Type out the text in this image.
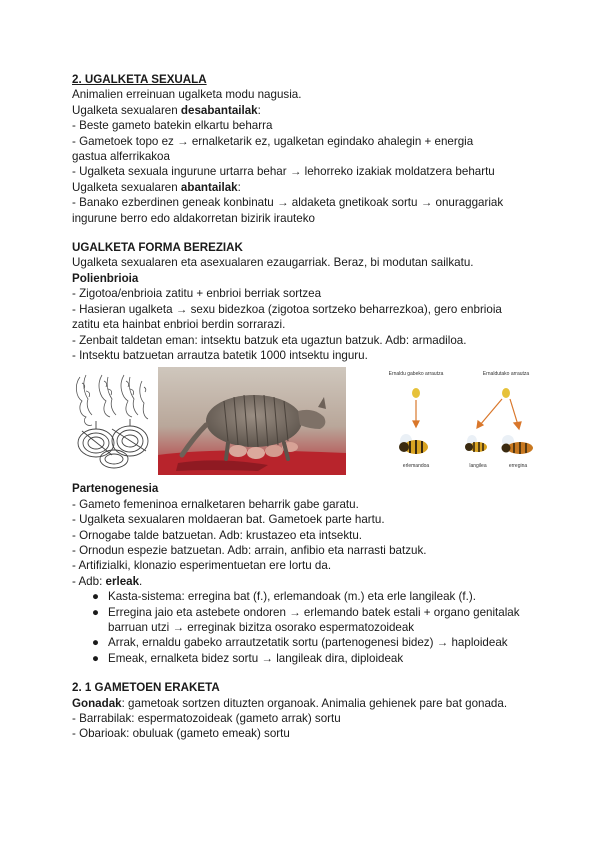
2. UGALKETA SEXUALA

Animalien erreinuan ugalketa modu nagusia.

Ugalketa sexualaren desabantailak:

- Beste gameto batekin elkartu beharra

- Gametoek topo ez → ernalketarik ez, ugalketan egindako ahalegin + energia

gastua alferrikakoa

- Ugalketa sexuala ingurune urtarra behar → lehorreko izakiak moldatzera behartu

Ugalketa sexualaren abantailak:

- Banako ezberdinen geneak konbinatu → aldaketa gnetikoak sortu → onuraggariak

ingurune berro edo aldakorretan bizirik irauteko

UGALKETA FORMA BEREZIAK

Ugalketa sexualaren eta asexualaren ezaugarriak. Beraz, bi modutan sailkatu.

Polienbrioia

- Zigotoa/enbrioia zatitu + enbrioi berriak sortzea

- Hasieran ugalketa → sexu bidezkoa (zigotoa sortzeko beharrezkoa), gero enbrioia

zatitu eta hainbat enbrioi berdin sorrarazi.

- Zenbait taldetan eman: intsektu batzuk eta ugaztun batzuk. Adb: armadiloa.

- Intsektu batzuetan arrautza batetik 1000 intsektu inguru.

Ernaldu gabeko arrautza	Ernaldutako arrautza
erlemandoa	langilea	erregina

Partenogenesia

- Gameto femeninoa ernalketaren beharrik gabe garatu.

- Ugalketa sexualaren moldaeran bat. Gametoek parte hartu.

- Ornogabe talde batzuetan. Adb: krustazeo eta intsektu.

- Ornodun espezie batzuetan. Adb: arrain, anfibio eta narrasti batzuk.

- Artifizialki, klonazio esperimentuetan ere lortu da.

- Adb: erleak.

● Kasta-sistema: erregina bat (f.), erlemandoak (m.) eta erle langileak (f.).
● Erregina jaio eta astebete ondoren → erlemando batek estali + organo genitalak barruan utzi → erreginak bizitza osorako espermatozoideak
● Arrak, ernaldu gabeko arrautzetatik sortu (partenogenesi bidez) → haploideak
● Emeak, ernalketa bidez sortu → langileak dira, diploideak

2. 1 GAMETOEN ERAKETA

Gonadak: gametoak sortzen dituzten organoak. Animalia gehienek pare bat gonada.

- Barrabilak: espermatozoideak (gameto arrak) sortu

- Obarioak: obuluak (gameto emeak) sortu
